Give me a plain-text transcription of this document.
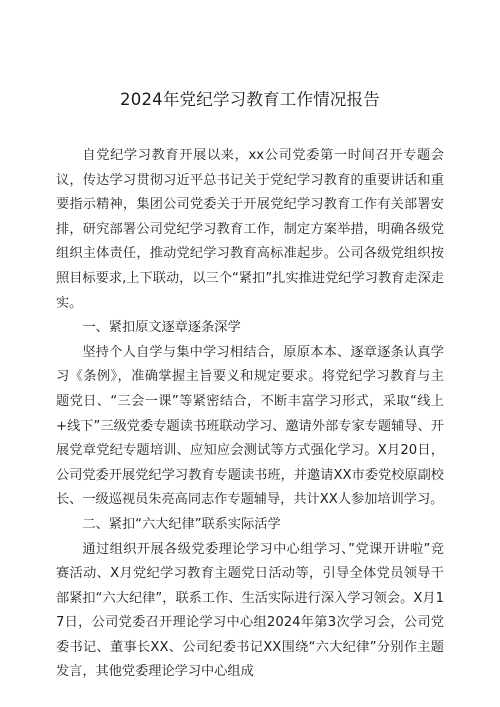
2024年党纪学习教育工作情况报告

自党纪学习教育开展以来，xx公司党委第一时间召开专题会议，传达学习贯彻习近平总书记关于党纪学习教育的重要讲话和重要指示精神，集团公司党委关于开展党纪学习教育工作有关部署安排，研究部署公司党纪学习教育工作，制定方案举措，明确各级党组织主体责任，推动党纪学习教育高标准起步。公司各级党组织按照目标要求,上下联动，以三个“紧扣”扎实推进党纪学习教育走深走实。

一、紧扣原文逐章逐条深学

坚持个人自学与集中学习相结合，原原本本、逐章逐条认真学习《条例》，准确掌握主旨要义和规定要求。将党纪学习教育与主题党日、“三会一课”等紧密结合，不断丰富学习形式，采取“线上+线下”三级党委专题读书班联动学习、邀请外部专家专题辅导、开展党章党纪专题培训、应知应会测试等方式强化学习。X月20日，公司党委开展党纪学习教育专题读书班，并邀请XX市委党校原副校长、一级巡视员朱亮高同志作专题辅导，共计XX人参加培训学习。

二、紧扣“六大纪律”联系实际活学

通过组织开展各级党委理论学习中心组学习、”党课开讲啦”竞赛活动、X月党纪学习教育主题党日活动等，引导全体党员领导干部紧扣“六大纪律”，联系工作、生活实际进行深入学习领会。X月17日，公司党委召开理论学习中心组2024年第3次学习会，公司党委书记、董事长XX、公司纪委书记XX围绕“六大纪律”分别作主题发言，其他党委理论学习中心组成
